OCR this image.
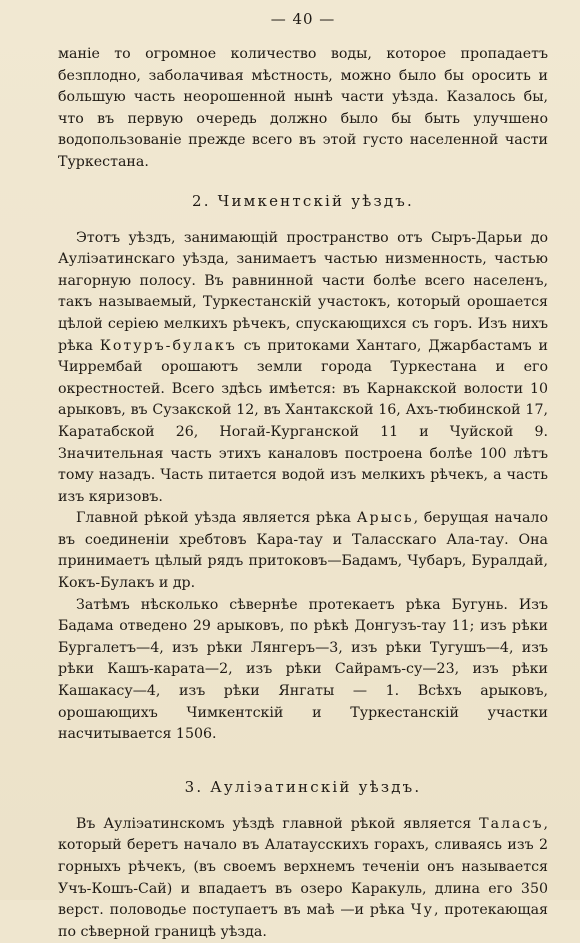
— 40 —

маніе то огромное количество воды, которое пропадаетъ безплодно, заболачивая мѣстность, можно было бы оросить и большую часть неорошенной нынѣ части уѣзда. Казалось бы, что въ первую очередь должно было бы быть улучшено водопользованіе прежде всего въ этой густо населенной части Туркестана.

2. Чимкентскій уѣздъ.

Этотъ уѣздъ, занимающій пространство отъ Сыръ-Дарьи до Ауліэатинскаго уѣзда, занимаетъ частью низменность, частью нагорную полосу. Въ равнинной части болѣе всего населенъ, такъ называемый, Туркестанскій участокъ, который орошается цѣлой серіею мелкихъ рѣчекъ, спускающихся съ горъ. Изъ нихъ рѣка Котуръ-булакъ съ притоками Хантаго, Джарбастамъ и Чиррембай орошаютъ земли города Туркестана и его окрестностей. Всего здѣсь имѣется: въ Карнакской волости 10 арыковъ, въ Сузакской 12, въ Хантакской 16, Ахъ-тюбинской 17, Каратабской 26, Ногай-Курганской 11 и Чуйской 9. Значительная часть этихъ каналовъ построена болѣе 100 лѣтъ тому назадъ. Часть питается водой изъ мелкихъ рѣчекъ, а часть изъ кяризовъ.

Главной рѣкой уѣзда является рѣка Арысь, берущая начало въ соединеніи хребтовъ Кара-тау и Таласскаго Ала-тау. Она принимаетъ цѣлый рядъ притоковъ—Бадамъ, Чубаръ, Буралдай, Кокъ-Булакъ и др.

Затѣмъ нѣсколько сѣвернѣе протекаетъ рѣка Бугунь. Изъ Бадама отведено 29 арыковъ, по рѣкѣ Донгузъ-тау 11; изъ рѣки Бургалетъ—4, изъ рѣки Лянгеръ—3, изъ рѣки Тугушъ—4, изъ рѣки Кашъ-карата—2, изъ рѣки Сайрамъ-су—23, изъ рѣки Кашакасу—4, изъ рѣки Янгаты — 1. Всѣхъ арыковъ, орошающихъ Чимкентскій и Туркестанскій участки насчитывается 1506.

3. Ауліэатинскій уѣздъ.

Въ Ауліэатинскомъ уѣздѣ главной рѣкой является Таласъ, который беретъ начало въ Алатаусскихъ горахъ, сливаясь изъ 2 горныхъ рѣчекъ, (въ своемъ верхнемъ теченіи онъ называется Учъ-Кошъ-Сай) и впадаетъ въ озеро Каракуль, длина его 350 верст. половодье поступаетъ въ маѣ —и рѣка Чу, протекающая по сѣверной границѣ уѣзда.
